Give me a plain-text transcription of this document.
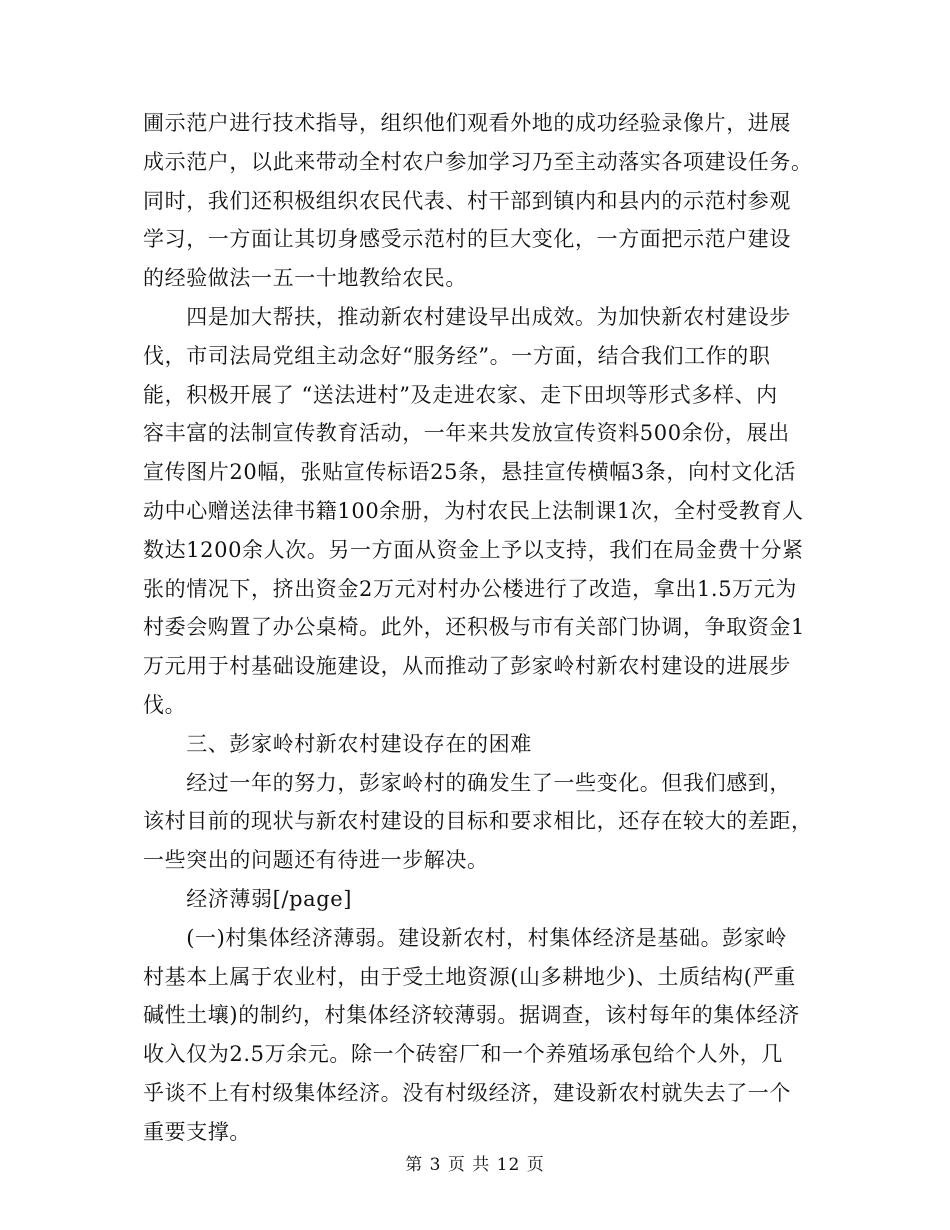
圃示范户进行技术指导，组织他们观看外地的成功经验录像片，进展
成示范户，以此来带动全村农户参加学习乃至主动落实各项建设任务。
同时，我们还积极组织农民代表、村干部到镇内和县内的示范村参观
学习，一方面让其切身感受示范村的巨大变化，一方面把示范户建设
的经验做法一五一十地教给农民。
　　四是加大帮扶，推动新农村建设早出成效。为加快新农村建设步
伐，市司法局党组主动念好“服务经”。一方面，结合我们工作的职
能，积极开展了 “送法进村”及走进农家、走下田坝等形式多样、内
容丰富的法制宣传教育活动，一年来共发放宣传资料500余份，展出
宣传图片20幅，张贴宣传标语25条，悬挂宣传横幅3条，向村文化活
动中心赠送法律书籍100余册，为村农民上法制课1次，全村受教育人
数达1200余人次。另一方面从资金上予以支持，我们在局金费十分紧
张的情况下，挤出资金2万元对村办公楼进行了改造，拿出1.5万元为
村委会购置了办公桌椅。此外，还积极与市有关部门协调，争取资金1
万元用于村基础设施建设，从而推动了彭家岭村新农村建设的进展步
伐。
　　三、彭家岭村新农村建设存在的困难
　　经过一年的努力，彭家岭村的确发生了一些变化。但我们感到，
该村目前的现状与新农村建设的目标和要求相比，还存在较大的差距，
一些突出的问题还有待进一步解决。
　　经济薄弱[/page]
　　(一)村集体经济薄弱。建设新农村，村集体经济是基础。彭家岭
村基本上属于农业村，由于受土地资源(山多耕地少)、土质结构(严重
碱性土壤)的制约，村集体经济较薄弱。据调查，该村每年的集体经济
收入仅为2.5万余元。除一个砖窑厂和一个养殖场承包给个人外，几
乎谈不上有村级集体经济。没有村级经济，建设新农村就失去了一个
重要支撑。
第 3 页 共 12 页
